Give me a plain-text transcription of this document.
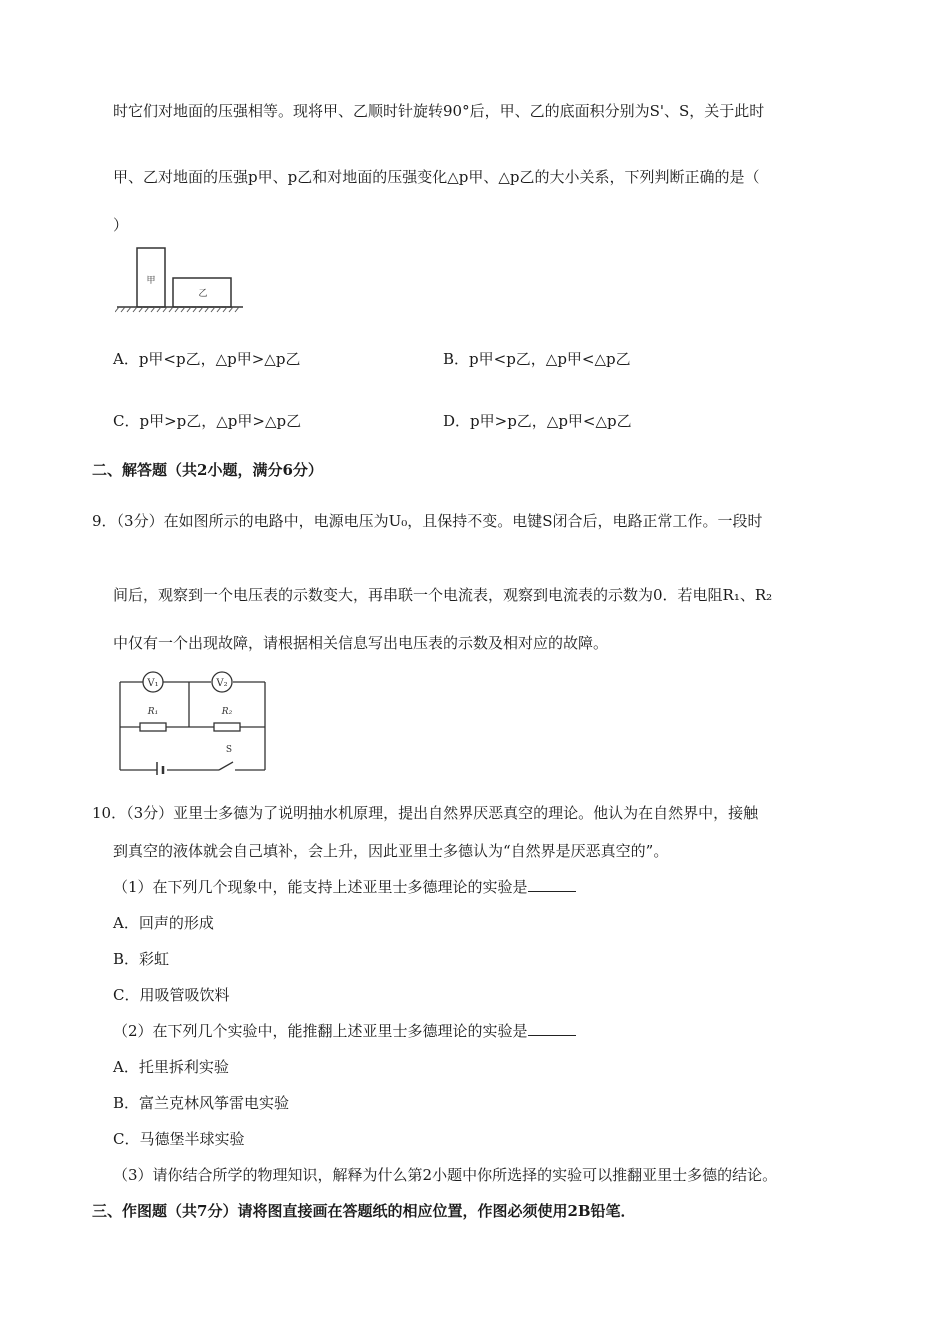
时它们对地面的压强相等。现将甲、乙顺时针旋转90°后，甲、乙的底面积分别为S'、S，关于此时
甲、乙对地面的压强p甲、p乙和对地面的压强变化△p甲、△p乙的大小关系，下列判断正确的是（
）
甲
乙
A．p甲<p乙，△p甲>△p乙	B．p甲<p乙，△p甲<△p乙
C．p甲>p乙，△p甲>△p乙	D．p甲>p乙，△p甲<△p乙
二、解答题（共2小题，满分6分）
9．（3分）在如图所示的电路中，电源电压为U₀，且保持不变。电键S闭合后，电路正常工作。一段时
间后，观察到一个电压表的示数变大，再串联一个电流表，观察到电流表的示数为0．若电阻R₁、R₂
中仅有一个出现故障，请根据相关信息写出电压表的示数及相对应的故障。
V₁	V₂
R₁	R₂
S
10．（3分）亚里士多德为了说明抽水机原理，提出自然界厌恶真空的理论。他认为在自然界中，接触
到真空的液体就会自己填补，会上升，因此亚里士多德认为“自然界是厌恶真空的”。
（1）在下列几个现象中，能支持上述亚里士多德理论的实验是
A．回声的形成
B．彩虹
C．用吸管吸饮料
（2）在下列几个实验中，能推翻上述亚里士多德理论的实验是
A．托里拆利实验
B．富兰克林风筝雷电实验
C．马德堡半球实验
（3）请你结合所学的物理知识，解释为什么第2小题中你所选择的实验可以推翻亚里士多德的结论。
三、作图题（共7分）请将图直接画在答题纸的相应位置，作图必须使用2B铅笔．
